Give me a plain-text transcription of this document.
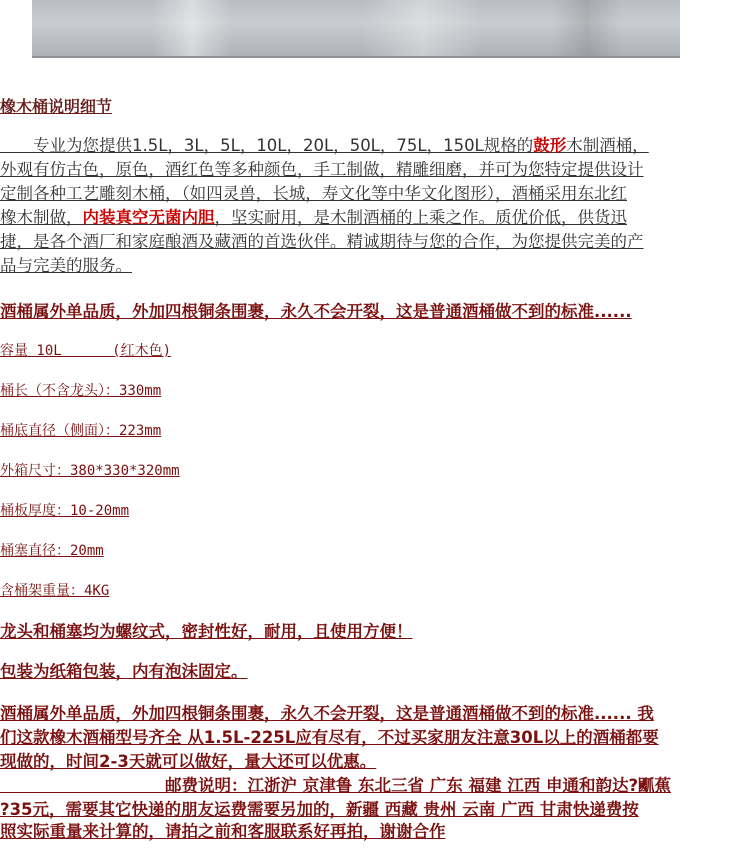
橡木桶说明细节
　　专业为您提供1.5L，3L，5L，10L，20L，50L，75L，150L规格的鼓形木制酒桶，
外观有仿古色，原色，酒红色等多种颜色，手工制做，精雕细磨，并可为您特定提供设计
定制各种工艺雕刻木桶，（如四灵兽，长城，寿文化等中华文化图形），酒桶采用东北红
橡木制做，内装真空无菌内胆，坚实耐用，是木制酒桶的上乘之作。质优价低，供货迅
捷，是各个酒厂和家庭酿酒及藏酒的首选伙伴。精诚期待与您的合作，为您提供完美的产
品与完美的服务。
酒桶属外单品质，外加四根铜条围裹，永久不会开裂，这是普通酒桶做不到的标准......
容量 10L　　　 (红木色)
桶长（不含龙头）：330mm
桶底直径（侧面）：223mm
外箱尺寸：380*330*320mm
桶板厚度：10-20mm
桶塞直径：20mm
含桶架重量：4KG
龙头和桶塞均为螺纹式，密封性好，耐用，且使用方便！
包装为纸箱包装，内有泡沫固定。
酒桶属外单品质，外加四根铜条围裹，永久不会开裂，这是普通酒桶做不到的标准...... 我
们这款橡木酒桶型号齐全 从1.5L-225L应有尽有，不过买家朋友注意30L以上的酒桶都要
现做的，时间2-3天就可以做好，量大还可以优惠。
　　　　　　　　　　邮费说明：江浙沪 京津鲁 东北三省 广东 福建 江西 申通和韵达?爴蕉
?35元，需要其它快递的朋友运费需要另加的，新疆 西藏 贵州 云南 广西 甘肃快递费按
照实际重量来计算的，请拍之前和客服联系好再拍，谢谢合作
